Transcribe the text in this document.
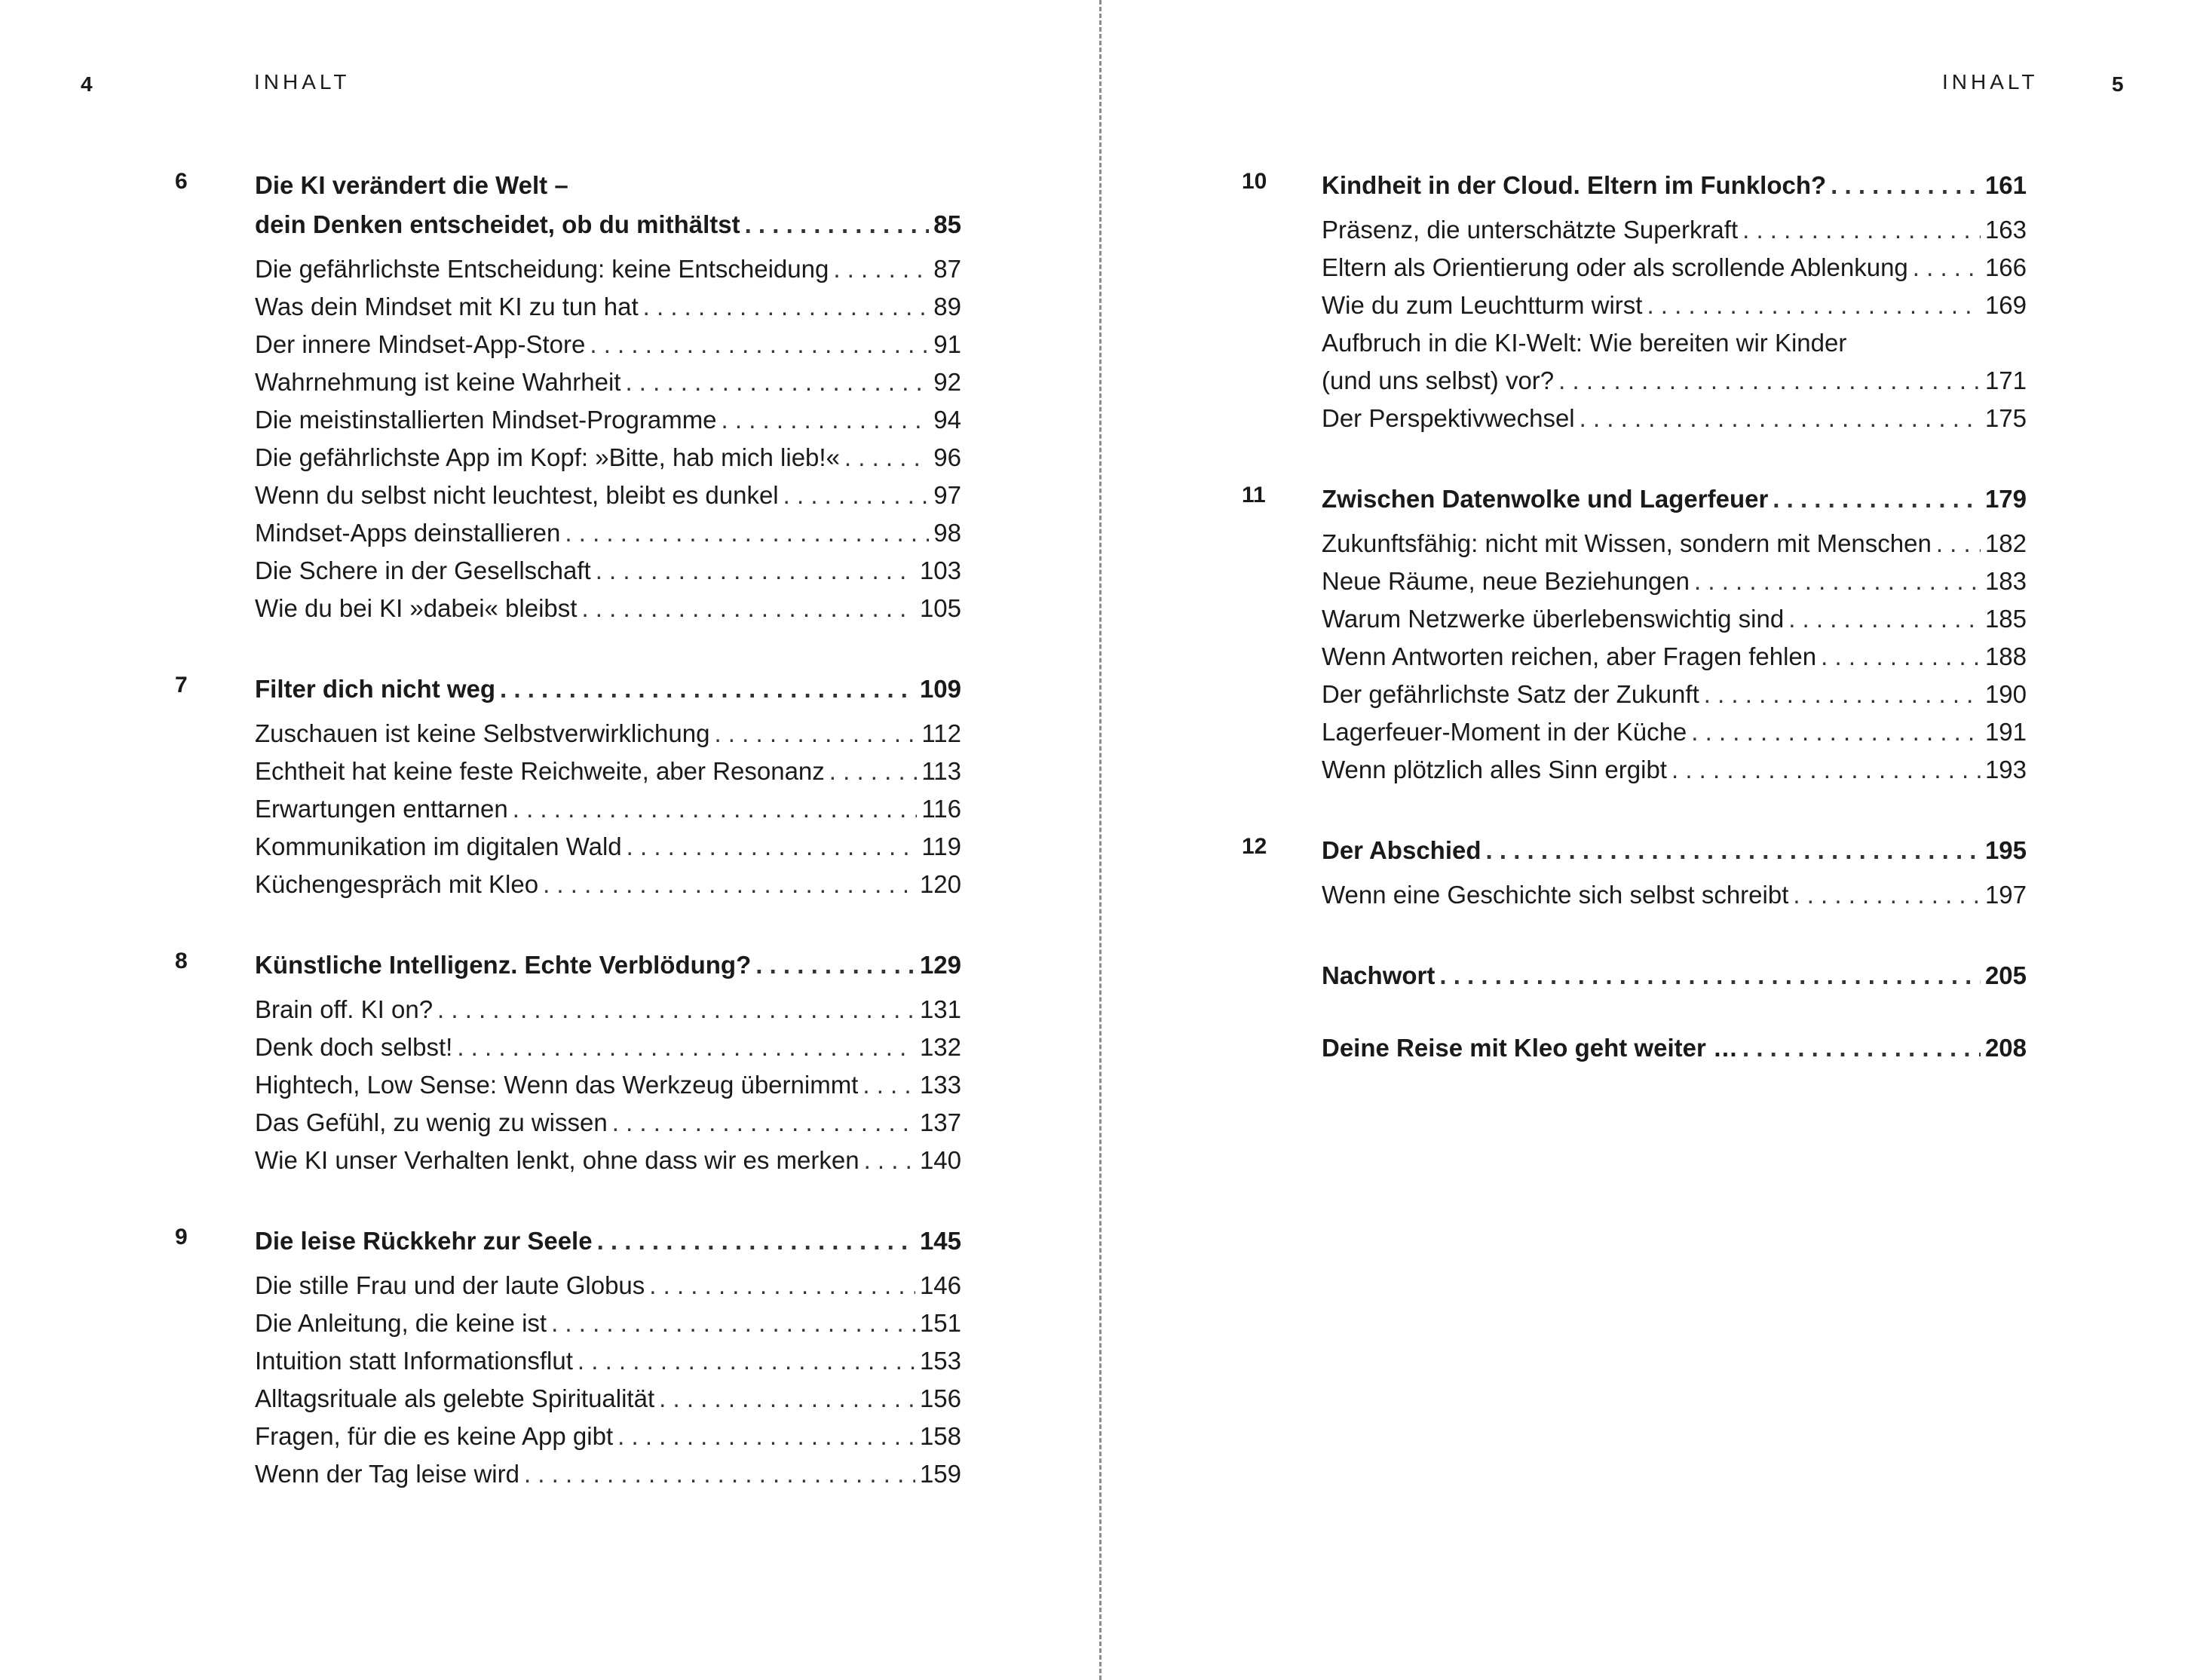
4	INHALT
6	Die KI verändert die Welt –
dein Denken entscheidet, ob du mithältst . . .	85
Die gefährlichste Entscheidung: keine Entscheidung . . .	87
Was dein Mindset mit KI zu tun hat . . .	89
Der innere Mindset-App-Store . . .	91
Wahrnehmung ist keine Wahrheit . . .	92
Die meistinstallierten Mindset-Programme . . .	94
Die gefährlichste App im Kopf: »Bitte, hab mich lieb!« . . .	96
Wenn du selbst nicht leuchtest, bleibt es dunkel . . .	97
Mindset-Apps deinstallieren . . .	98
Die Schere in der Gesellschaft . . .	103
Wie du bei KI »dabei« bleibst . . .	105
7	Filter dich nicht weg . . .	109
Zuschauen ist keine Selbstverwirklichung . . .	112
Echtheit hat keine feste Reichweite, aber Resonanz . . .	113
Erwartungen enttarnen . . .	116
Kommunikation im digitalen Wald . . .	119
Küchengespräch mit Kleo . . .	120
8	Künstliche Intelligenz. Echte Verblödung? . . .	129
Brain off. KI on? . . .	131
Denk doch selbst! . . .	132
Hightech, Low Sense: Wenn das Werkzeug übernimmt . . . 133
Das Gefühl, zu wenig zu wissen . . .	137
Wie KI unser Verhalten lenkt, ohne dass wir es merken . . . 140
9	Die leise Rückkehr zur Seele . . .	145
Die stille Frau und der laute Globus . . .	146
Die Anleitung, die keine ist . . .	151
Intuition statt Informationsflut . . .	153
Alltagsrituale als gelebte Spiritualität . . .	156
Fragen, für die es keine App gibt . . .	158
Wenn der Tag leise wird . . .	159
INHALT	5
10 Kindheit in der Cloud. Eltern im Funkloch? . . .	161
Präsenz, die unterschätzte Superkraft . . .	163
Eltern als Orientierung oder als scrollende Ablenkung . . .	166
Wie du zum Leuchtturm wirst . . .	169
Aufbruch in die KI-Welt: Wie bereiten wir Kinder
(und uns selbst) vor? . . .	171
Der Perspektivwechsel . . .	175
11 Zwischen Datenwolke und Lagerfeuer . . .	179
Zukunftsfähig: nicht mit Wissen, sondern mit Menschen . . . 182
Neue Räume, neue Beziehungen . . .	183
Warum Netzwerke überlebenswichtig sind . . .	185
Wenn Antworten reichen, aber Fragen fehlen . . .	188
Der gefährlichste Satz der Zukunft . . .	190
Lagerfeuer-Moment in der Küche . . .	191
Wenn plötzlich alles Sinn ergibt . . .	193
12 Der Abschied . . .	195
Wenn eine Geschichte sich selbst schreibt . . .	197
Nachwort . . .	205
Deine Reise mit Kleo geht weiter … . . .	208
